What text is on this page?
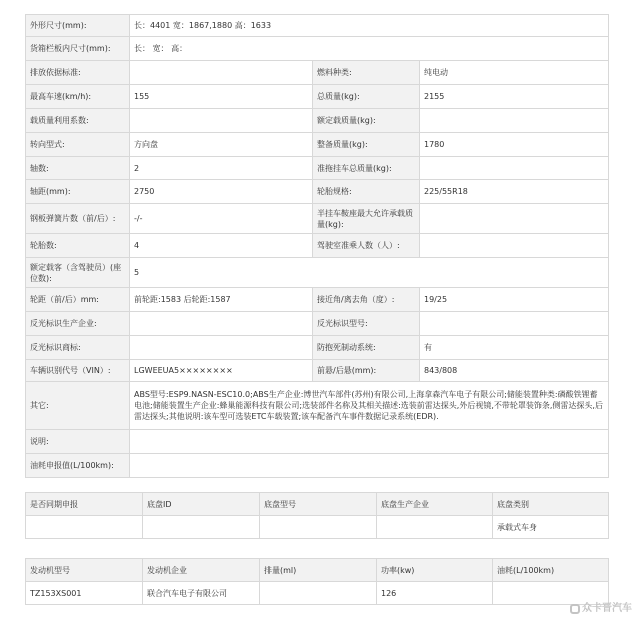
外形尺寸(mm):	长：4401 宽：1867,1880 高：1633		
货箱栏板内尺寸(mm):	长： 宽： 高：		
排放依据标准:		燃料种类:	纯电动
最高车速(km/h):	155	总质量(kg):	2155
载质量利用系数:		额定载质量(kg):	
转向型式:	方向盘	整备质量(kg):	1780
轴数:	2	准拖挂车总质量(kg):	
轴距(mm):	2750	轮胎规格:	225/55R18
钢板弹簧片数（前/后）:	-/-	半挂车鞍座最大允许承载质量(kg):	
轮胎数:	4	驾驶室准乘人数（人）:	
额定载客（含驾驶员）(座位数):	5		
轮距（前/后）mm:	前轮距:1583 后轮距:1587	接近角/离去角（度）:	19/25
反光标识生产企业:		反光标识型号:	
反光标识商标:		防抱死制动系统:	有
车辆识别代号（VIN）:	LGWEEUA5××××××××	前悬/后悬(mm):	843/808
其它:	ABS型号:ESP9.NASN-ESC10.0;ABS生产企业:博世汽车部件(苏州)有限公司,上海拿森汽车电子有限公司;储能装置种类:磷酸铁锂蓄电池;储能装置生产企业:蜂巢能源科技有限公司;选装部件名称及其相关描述:选装前雷达探头,外后视镜,不带轮罩装饰条,侧雷达探头,后雷达探头;其他说明:该车型可选装ETC车载装置;该车配备汽车事件数据记录系统(EDR).		
说明:			
油耗申报值(L/100km):			
是否同期申报	底盘ID	底盘型号	底盘生产企业	底盘类别
				承载式车身
发动机型号	发动机企业	排量(ml)	功率(kw)	油耗(L/100km)
TZ153XS001	联合汽车电子有限公司		126	
众卡晋汽车
